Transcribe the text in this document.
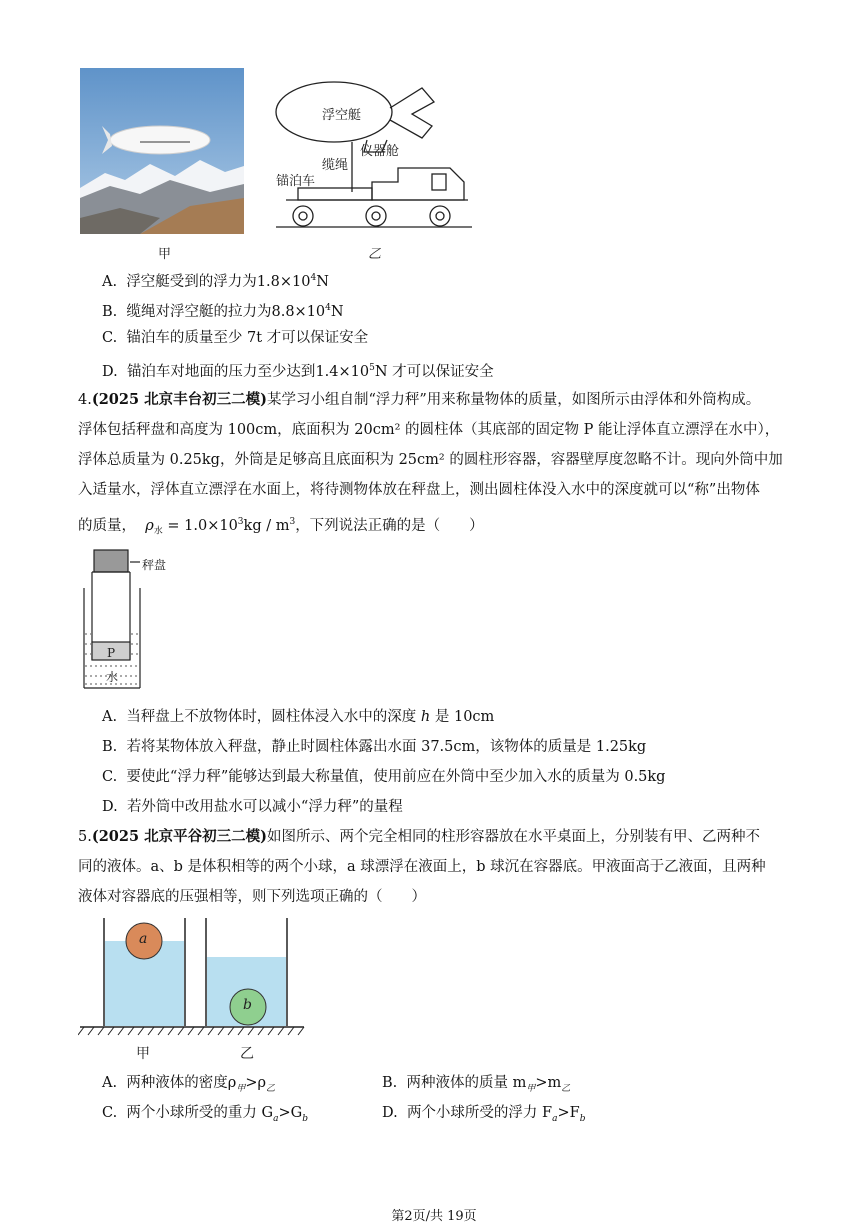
甲
浮空艇
缆绳
仪器舱
锚泊车
乙
A. 浮空艇受到的浮力为$1.8\times 10^4N$
B. 缆绳对浮空艇的拉力为$8.8\times 10^4N$
C. 锚泊车的质量至少 7t 才可以保证安全
D. 锚泊车对地面的压力至少达到$1.4\times 10^5N$ 才可以保证安全
4.(2025 北京丰台初三二模)某学习小组自制“浮力秤”用来称量物体的质量，如图所示由浮体和外筒构成。
浮体包括秤盘和高度为 100cm，底面积为 20cm² 的圆柱体（其底部的固定物 P 能让浮体直立漂浮在水中），
浮体总质量为 0.25kg，外筒是足够高且底面积为 25cm² 的圆柱形容器，容器壁厚度忽略不计。现向外筒中加
入适量水，浮体直立漂浮在水面上，将待测物体放在秤盘上，测出圆柱体没入水中的深度就可以“称”出物体
的质量， $\rho_水 = 1.0\times 10^3kg / m^3$，下列说法正确的是（　　）
秤盘
P
水
A. 当秤盘上不放物体时，圆柱体浸入水中的深度 h 是 10cm
B. 若将某物体放入秤盘，静止时圆柱体露出水面 37.5cm，该物体的质量是 1.25kg
C. 要使此“浮力秤”能够达到最大称量值，使用前应在外筒中至少加入水的质量为 0.5kg
D. 若外筒中改用盐水可以减小“浮力秤”的量程
5.(2025 北京平谷初三二模)如图所示、两个完全相同的柱形容器放在水平桌面上，分别装有甲、乙两种不
同的液体。a、b 是体积相等的两个小球，a 球漂浮在液面上，b 球沉在容器底。甲液面高于乙液面，且两种
液体对容器底的压强相等，则下列选项正确的（　　）
a
b
甲	乙
A. 两种液体的密度$\rho_甲>\rho_乙$	B. 两种液体的质量 $m_甲>m_乙$
C. 两个小球所受的重力 $G_a>G_b$	D. 两个小球所受的浮力 $F_a>F_b$
第2页/共 19页
